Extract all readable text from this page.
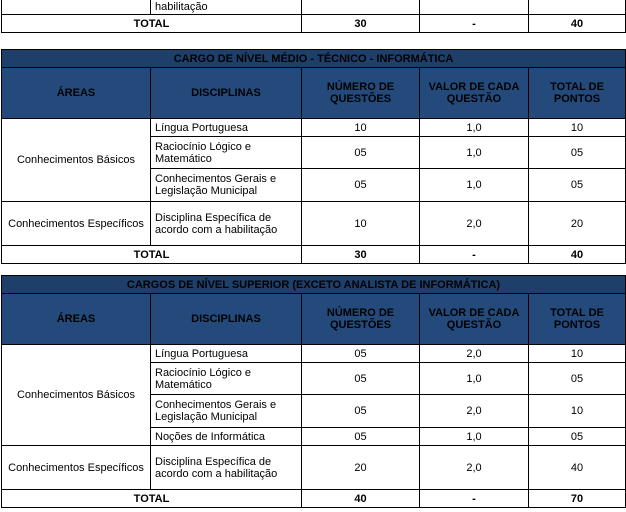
	habilitação			
TOTAL		30	-	40
CARGO DE NÍVEL MÉDIO - TÉCNICO - INFORMÁTICA				
ÁREAS	DISCIPLINAS	NÚMERO DE QUESTÕES	VALOR DE CADA QUESTÃO	TOTAL DE PONTOS
Conhecimentos Básicos	Língua Portuguesa	10	1,0	10
	Raciocínio Lógico e Matemático	05	1,0	05
	Conhecimentos Gerais e Legislação Municipal	05	1,0	05
Conhecimentos Específicos	Disciplina Específica de acordo com a habilitação	10	2,0	20
TOTAL		30	-	40
CARGOS DE NÍVEL SUPERIOR (EXCETO ANALISTA DE INFORMÁTICA)				
ÁREAS	DISCIPLINAS	NÚMERO DE QUESTÕES	VALOR DE CADA QUESTÃO	TOTAL DE PONTOS
Conhecimentos Básicos	Língua Portuguesa	05	2,0	10
	Raciocínio Lógico e Matemático	05	1,0	05
	Conhecimentos Gerais e Legislação Municipal	05	2,0	10
	Noções de Informática	05	1,0	05
Conhecimentos Específicos	Disciplina Específica de acordo com a habilitação	20	2,0	40
TOTAL		40	-	70
